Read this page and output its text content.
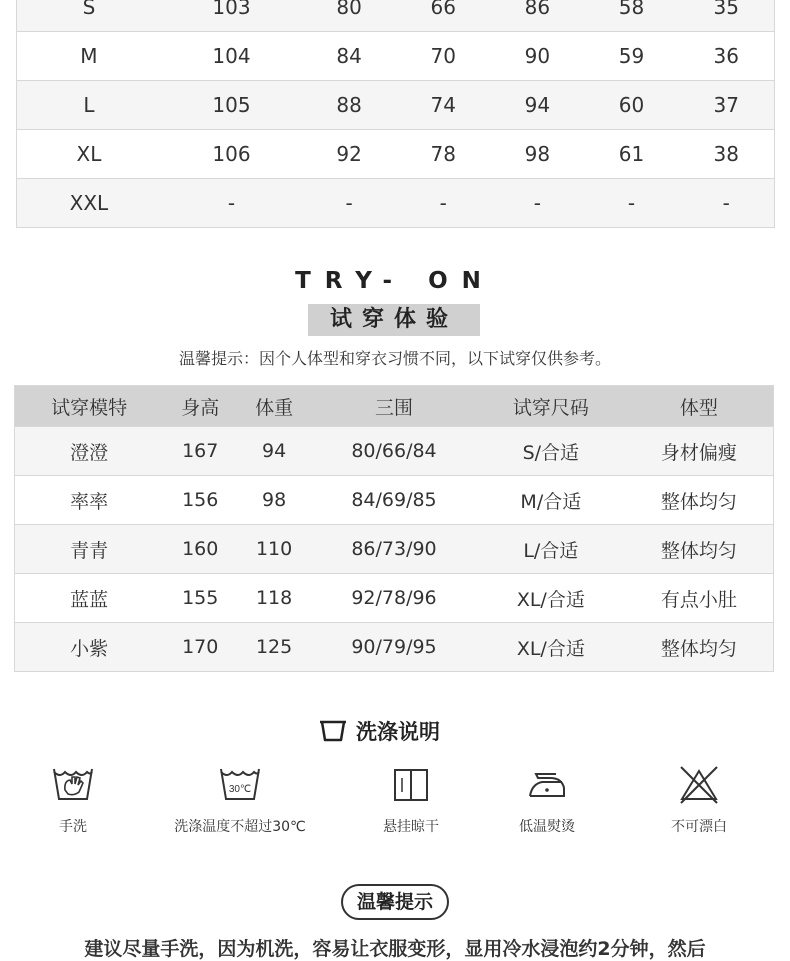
S	103	80	66	86	58	35
M	104	84	70	90	59	36
L	105	88	74	94	60	37
XL	106	92	78	98	61	38
XXL	-	-	-	-	-	-
TRY- ON
试穿体验
温馨提示：因个人体型和穿衣习惯不同，以下试穿仅供参考。
试穿模特	身高	体重	三围	试穿尺码	体型
澄澄	167	94	80/66/84	S/合适	身材偏瘦
率率	156	98	84/69/85	M/合适	整体均匀
青青	160	110	86/73/90	L/合适	整体均匀
蓝蓝	155	118	92/78/96	XL/合适	有点小肚
小紫	170	125	90/79/95	XL/合适	整体均匀
洗涤说明
手洗
30℃
洗涤温度不超过30℃	悬挂晾干	低温熨烫	不可漂白
温馨提示
建议尽量手洗，因为机洗，容易让衣服变形，显用冷水浸泡约2分钟，然后
